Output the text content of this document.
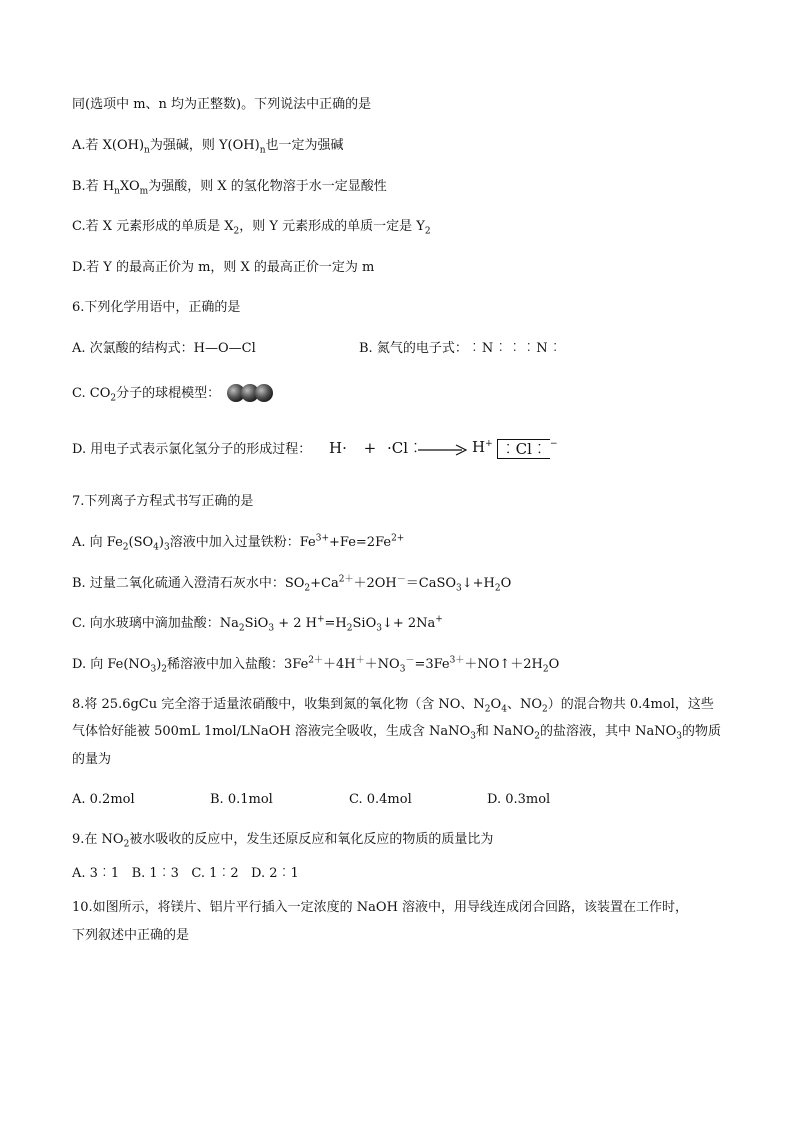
同(选项中 m、n 均为正整数)。下列说法中正确的是
A.若 $X(OH)_n$为强碱，则 $Y(OH)_n$也一定为强碱
B.若 $H_nXO_m$为强酸，则 X 的氢化物溶于水一定显酸性
C.若 X 元素形成的单质是 $X_2$，则 Y 元素形成的单质一定是 $Y_2$
D.若 Y 的最高正价为 m，则 X 的最高正价一定为 m
6.下列化学用语中，正确的是
A. 次氯酸的结构式：H—O—Cl	B. 氮气的电子式：︰N︰︰︰N︰
C. $CO_2$分子的球棍模型：
D. 用电子式表示氯化氢分子的形成过程： H· + ·Cl︰	H+ ︰Cl︰ −
7.下列离子方程式书写正确的是
A. 向 $Fe_2(SO_4)_3$溶液中加入过量铁粉：$Fe^{3+}+Fe=2Fe^{2+}$
B. 过量二氧化硫通入澄清石灰水中：$SO_2+Ca^{2+}+2OH^-=CaSO_3↓+H_2O$
C. 向水玻璃中滴加盐酸：$Na_2SiO_3 + 2$ $H^+=H_2SiO_3↓+ 2Na^+$
D. 向 $Fe(NO_3)_2$稀溶液中加入盐酸：$3Fe^{2+}+4H^++NO_3^-=3Fe^{3+}+NO↑+2H_2O$
8.将 25.6gCu 完全溶于适量浓硝酸中，收集到氮的氧化物（含 NO、$N_2O_4$、$NO_2$）的混合物共 0.4mol，这些
气体恰好能被 500mL 1mol/LNaOH 溶液完全吸收，生成含 NaNO$_3$和 NaNO$_2$的盐溶液，其中 NaNO$_3$的物质
的量为
A. 0.2mol	B. 0.1mol	C. 0.4mol	D. 0.3mol
9.在 $NO_2$被水吸收的反应中，发生还原反应和氧化反应的物质的质量比为
A. 3︰1   B. 1︰3   C. 1︰2   D. 2︰1
10.如图所示，将镁片、铝片平行插入一定浓度的 NaOH 溶液中，用导线连成闭合回路，该装置在工作时，
下列叙述中正确的是
